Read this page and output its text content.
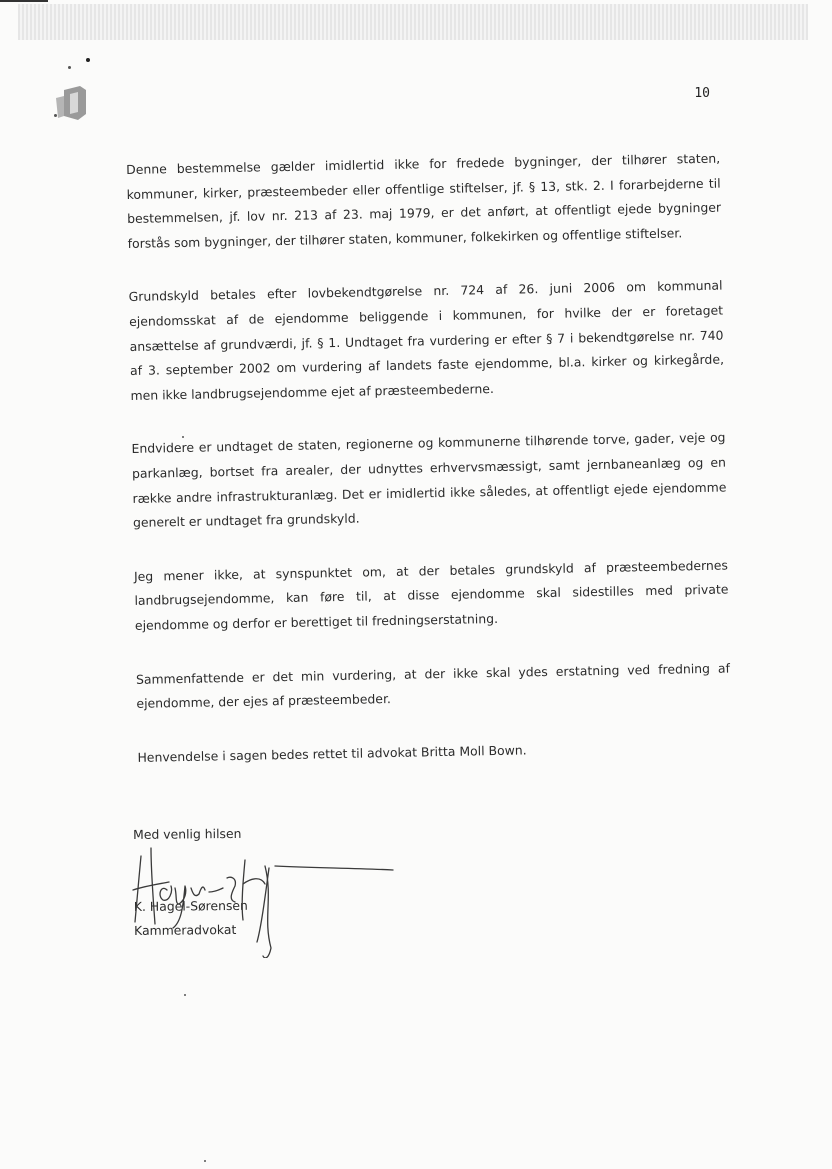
10

Denne bestemmelse gælder imidlertid ikke for fredede bygninger, der tilhører staten, kommuner, kirker, præsteembeder eller offentlige stiftelser, jf. § 13, stk. 2. I forarbejderne til bestemmelsen, jf. lov nr. 213 af 23. maj 1979, er det anført, at offentligt ejede bygninger forstås som bygninger, der tilhører staten, kommuner, folkekirken og offentlige stiftelser.

Grundskyld betales efter lovbekendtgørelse nr. 724 af 26. juni 2006 om kommunal ejendomsskat af de ejendomme beliggende i kommunen, for hvilke der er foretaget ansættelse af grundværdi, jf. § 1. Undtaget fra vurdering er efter § 7 i bekendtgørelse nr. 740 af 3. september 2002 om vurdering af landets faste ejendomme, bl.a. kirker og kirkegårde, men ikke landbrugsejendomme ejet af præsteembederne.

Endvidere er undtaget de staten, regionerne og kommunerne tilhørende torve, gader, veje og parkanlæg, bortset fra arealer, der udnyttes erhvervsmæssigt, samt jernbaneanlæg og en række andre infrastrukturanlæg. Det er imidlertid ikke således, at offentligt ejede ejendomme generelt er undtaget fra grundskyld.

Jeg mener ikke, at synspunktet om, at der betales grundskyld af præsteembedernes landbrugsejendomme, kan føre til, at disse ejendomme skal sidestilles med private ejendomme og derfor er berettiget til fredningserstatning.

Sammenfattende er det min vurdering, at der ikke skal ydes erstatning ved fredning af ejendomme, der ejes af præsteembeder.

Henvendelse i sagen bedes rettet til advokat Britta Moll Bown.

Med venlig hilsen
K. Hagel-Sørensen
Kammeradvokat
